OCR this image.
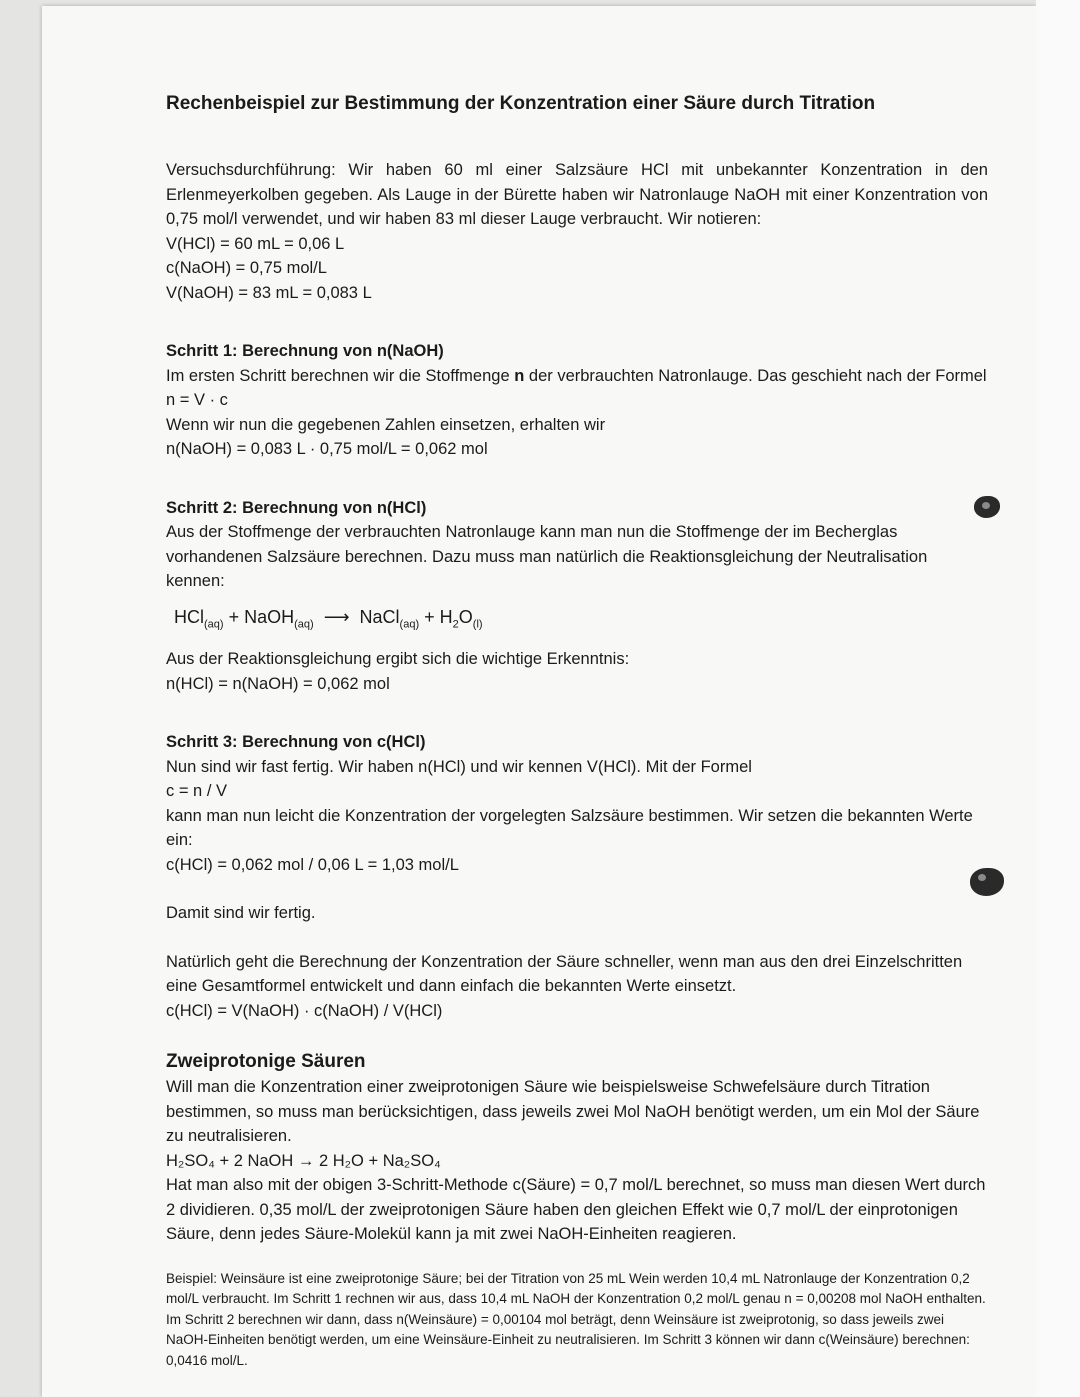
Rechenbeispiel zur Bestimmung der Konzentration einer Säure durch Titration

Versuchsdurchführung: Wir haben 60 ml einer Salzsäure HCl mit unbekannter Konzentration in den Erlenmeyerkolben gegeben. Als Lauge in der Bürette haben wir Natronlauge NaOH mit einer Konzentration von 0,75 mol/l verwendet, und wir haben 83 ml dieser Lauge verbraucht. Wir notieren:

V(HCl) = 60 mL = 0,06 L

c(NaOH) = 0,75 mol/L

V(NaOH) = 83 mL = 0,083 L

Schritt 1: Berechnung von n(NaOH)

Im ersten Schritt berechnen wir die Stoffmenge n der verbrauchten Natronlauge. Das geschieht nach der Formel n = V · c

Wenn wir nun die gegebenen Zahlen einsetzen, erhalten wir

n(NaOH) = 0,083 L · 0,75 mol/L = 0,062 mol

Schritt 2: Berechnung von n(HCl)

Aus der Stoffmenge der verbrauchten Natronlauge kann man nun die Stoffmenge der im Becherglas vorhandenen Salzsäure berechnen. Dazu muss man natürlich die Reaktionsgleichung der Neutralisation kennen:

HCl$_{(aq)}$ + NaOH$_{(aq)}$ ⟶ NaCl$_{(aq)}$ + $H_2O_{(l)}$

Aus der Reaktionsgleichung ergibt sich die wichtige Erkenntnis:

n(HCl) = n(NaOH) = 0,062 mol

Schritt 3: Berechnung von c(HCl)

Nun sind wir fast fertig. Wir haben n(HCl) und wir kennen V(HCl). Mit der Formel

c = n / V

kann man nun leicht die Konzentration der vorgelegten Salzsäure bestimmen. Wir setzen die bekannten Werte ein:

c(HCl) = 0,062 mol / 0,06 L = 1,03 mol/L

Damit sind wir fertig.

Natürlich geht die Berechnung der Konzentration der Säure schneller, wenn man aus den drei Einzelschritten eine Gesamtformel entwickelt und dann einfach die bekannten Werte einsetzt.

c(HCl) = V(NaOH) · c(NaOH) / V(HCl)

Zweiprotonige Säuren

Will man die Konzentration einer zweiprotonigen Säure wie beispielsweise Schwefelsäure durch Titration bestimmen, so muss man berücksichtigen, dass jeweils zwei Mol NaOH benötigt werden, um ein Mol der Säure zu neutralisieren.

H₂SO₄ + 2 NaOH → 2 H₂O + Na₂SO₄

Hat man also mit der obigen 3-Schritt-Methode c(Säure) = 0,7 mol/L berechnet, so muss man diesen Wert durch 2 dividieren. 0,35 mol/L der zweiprotonigen Säure haben den gleichen Effekt wie 0,7 mol/L der einprotonigen Säure, denn jedes Säure-Molekül kann ja mit zwei NaOH-Einheiten reagieren.

Beispiel: Weinsäure ist eine zweiprotonige Säure; bei der Titration von 25 mL Wein werden 10,4 mL Natronlauge der Konzentration 0,2 mol/L verbraucht. Im Schritt 1 rechnen wir aus, dass 10,4 mL NaOH der Konzentration 0,2 mol/L genau n = 0,00208 mol NaOH enthalten. Im Schritt 2 berechnen wir dann, dass n(Weinsäure) = 0,00104 mol beträgt, denn Weinsäure ist zweiprotonig, so dass jeweils zwei NaOH-Einheiten benötigt werden, um eine Weinsäure-Einheit zu neutralisieren. Im Schritt 3 können wir dann c(Weinsäure) berechnen: 0,0416 mol/L.
